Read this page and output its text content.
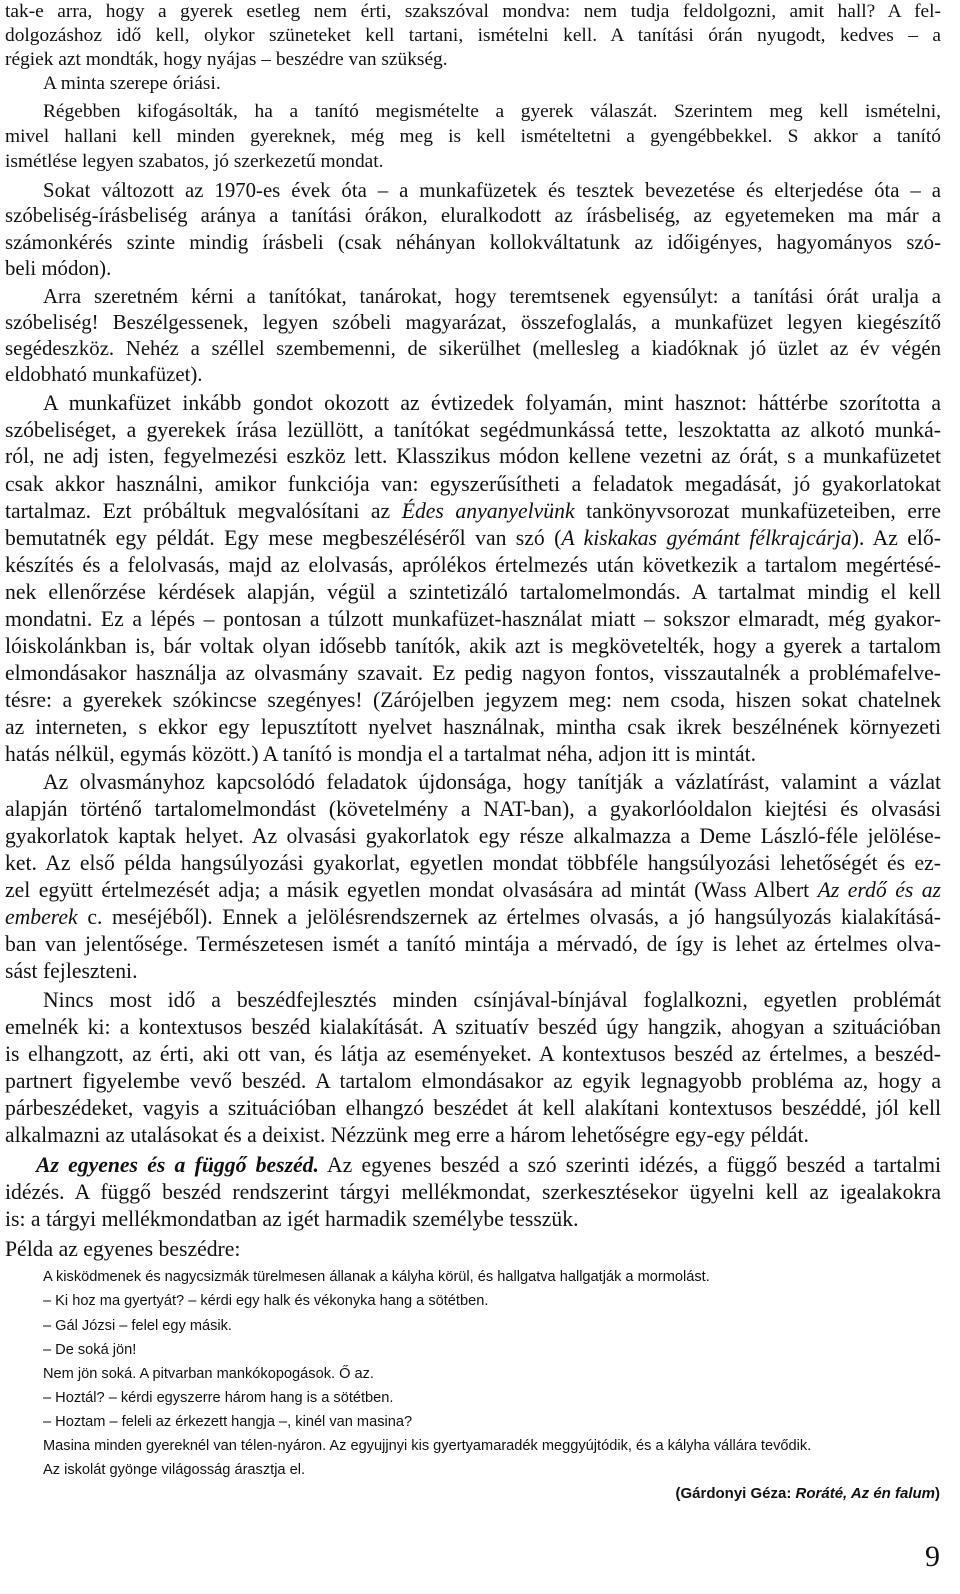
tak-e arra, hogy a gyerek esetleg nem érti, szakszóval mondva: nem tudja feldolgozni, amit hall? A fel-
dolgozáshoz idő kell, olykor szüneteket kell tartani, ismételni kell. A tanítási órán nyugodt, kedves – a
régiek azt mondták, hogy nyájas – beszédre van szükség.
A minta szerepe óriási.
Régebben kifogásolták, ha a tanító megismételte a gyerek válaszát. Szerintem meg kell ismételni,
mivel hallani kell minden gyereknek, még meg is kell ismételtetni a gyengébbekkel. S akkor a tanító
ismétlése legyen szabatos, jó szerkezetű mondat.
Sokat változott az 1970-es évek óta – a munkafüzetek és tesztek bevezetése és elterjedése óta – a
szóbeliség-írásbeliség aránya a tanítási órákon, eluralkodott az írásbeliség, az egyetemeken ma már a
számonkérés szinte mindig írásbeli (csak néhányan kollokváltatunk az időigényes, hagyományos szó-
beli módon).
Arra szeretném kérni a tanítókat, tanárokat, hogy teremtsenek egyensúlyt: a tanítási órát uralja a
szóbeliség! Beszélgessenek, legyen szóbeli magyarázat, összefoglalás, a munkafüzet legyen kiegészítő
segédeszköz. Nehéz a széllel szembemenni, de sikerülhet (mellesleg a kiadóknak jó üzlet az év végén
eldobható munkafüzet).
A munkafüzet inkább gondot okozott az évtizedek folyamán, mint hasznot: háttérbe szorította a
szóbeliséget, a gyerekek írása lezüllött, a tanítókat segédmunkássá tette, leszoktatta az alkotó munká-
ról, ne adj isten, fegyelmezési eszköz lett. Klasszikus módon kellene vezetni az órát, s a munkafüzetet
csak akkor használni, amikor funkciója van: egyszerűsítheti a feladatok megadását, jó gyakorlatokat
tartalmaz. Ezt próbáltuk megvalósítani az Édes anyanyelvünk tankönyvsorozat munkafüzeteiben, erre
bemutatnék egy példát. Egy mese megbeszéléséről van szó (A kiskakas gyémánt félkrajcárja). Az elő-
készítés és a felolvasás, majd az elolvasás, aprólékos értelmezés után következik a tartalom megértésé-
nek ellenőrzése kérdések alapján, végül a szintetizáló tartalomelmondás. A tartalmat mindig el kell
mondatni. Ez a lépés – pontosan a túlzott munkafüzet-használat miatt – sokszor elmaradt, még gyakor-
lóiskolánkban is, bár voltak olyan idősebb tanítók, akik azt is megkövetelték, hogy a gyerek a tartalom
elmondásakor használja az olvasmány szavait. Ez pedig nagyon fontos, visszautalnék a problémafelve-
tésre: a gyerekek szókincse szegényes! (Zárójelben jegyzem meg: nem csoda, hiszen sokat chatelnek
az interneten, s ekkor egy lepusztított nyelvet használnak, mintha csak ikrek beszélnének környezeti
hatás nélkül, egymás között.) A tanító is mondja el a tartalmat néha, adjon itt is mintát.
Az olvasmányhoz kapcsolódó feladatok újdonsága, hogy tanítják a vázlatírást, valamint a vázlat
alapján történő tartalomelmondást (követelmény a NAT-ban), a gyakorlóoldalon kiejtési és olvasási
gyakorlatok kaptak helyet. Az olvasási gyakorlatok egy része alkalmazza a Deme László-féle jelölése-
ket. Az első példa hangsúlyozási gyakorlat, egyetlen mondat többféle hangsúlyozási lehetőségét és ez-
zel együtt értelmezését adja; a másik egyetlen mondat olvasására ad mintát (Wass Albert Az erdő és az
emberek c. meséjéből). Ennek a jelölésrendszernek az értelmes olvasás, a jó hangsúlyozás kialakításá-
ban van jelentősége. Természetesen ismét a tanító mintája a mérvadó, de így is lehet az értelmes olva-
sást fejleszteni.
Nincs most idő a beszédfejlesztés minden csínjával-bínjával foglalkozni, egyetlen problémát
emelnék ki: a kontextusos beszéd kialakítását. A szituatív beszéd úgy hangzik, ahogyan a szituációban
is elhangzott, az érti, aki ott van, és látja az eseményeket. A kontextusos beszéd az értelmes, a beszéd-
partnert figyelembe vevő beszéd. A tartalom elmondásakor az egyik legnagyobb probléma az, hogy a
párbeszédeket, vagyis a szituációban elhangzó beszédet át kell alakítani kontextusos beszéddé, jól kell
alkalmazni az utalásokat és a deixist. Nézzünk meg erre a három lehetőségre egy-egy példát.
Az egyenes és a függő beszéd. Az egyenes beszéd a szó szerinti idézés, a függő beszéd a tartalmi
idézés. A függő beszéd rendszerint tárgyi mellékmondat, szerkesztésekor ügyelni kell az igealakokra
is: a tárgyi mellékmondatban az igét harmadik személybe tesszük.
Példa az egyenes beszédre:
A kisködmenek és nagycsizmák türelmesen állanak a kályha körül, és hallgatva hallgatják a mormolást.
– Ki hoz ma gyertyát? – kérdi egy halk és vékonyka hang a sötétben.
– Gál Józsi – felel egy másik.
– De soká jön!
Nem jön soká. A pitvarban mankókopogások. Ő az.
– Hoztál? – kérdi egyszerre három hang is a sötétben.
– Hoztam – feleli az érkezett hangja –, kinél van masina?
Masina minden gyereknél van télen-nyáron. Az egyujjnyi kis gyertyamaradék meggyújtódik, és a kályha vállára tevődik.
Az iskolát gyönge világosság árasztja el.
(Gárdonyi Géza: Roráté, Az én falum)
9
